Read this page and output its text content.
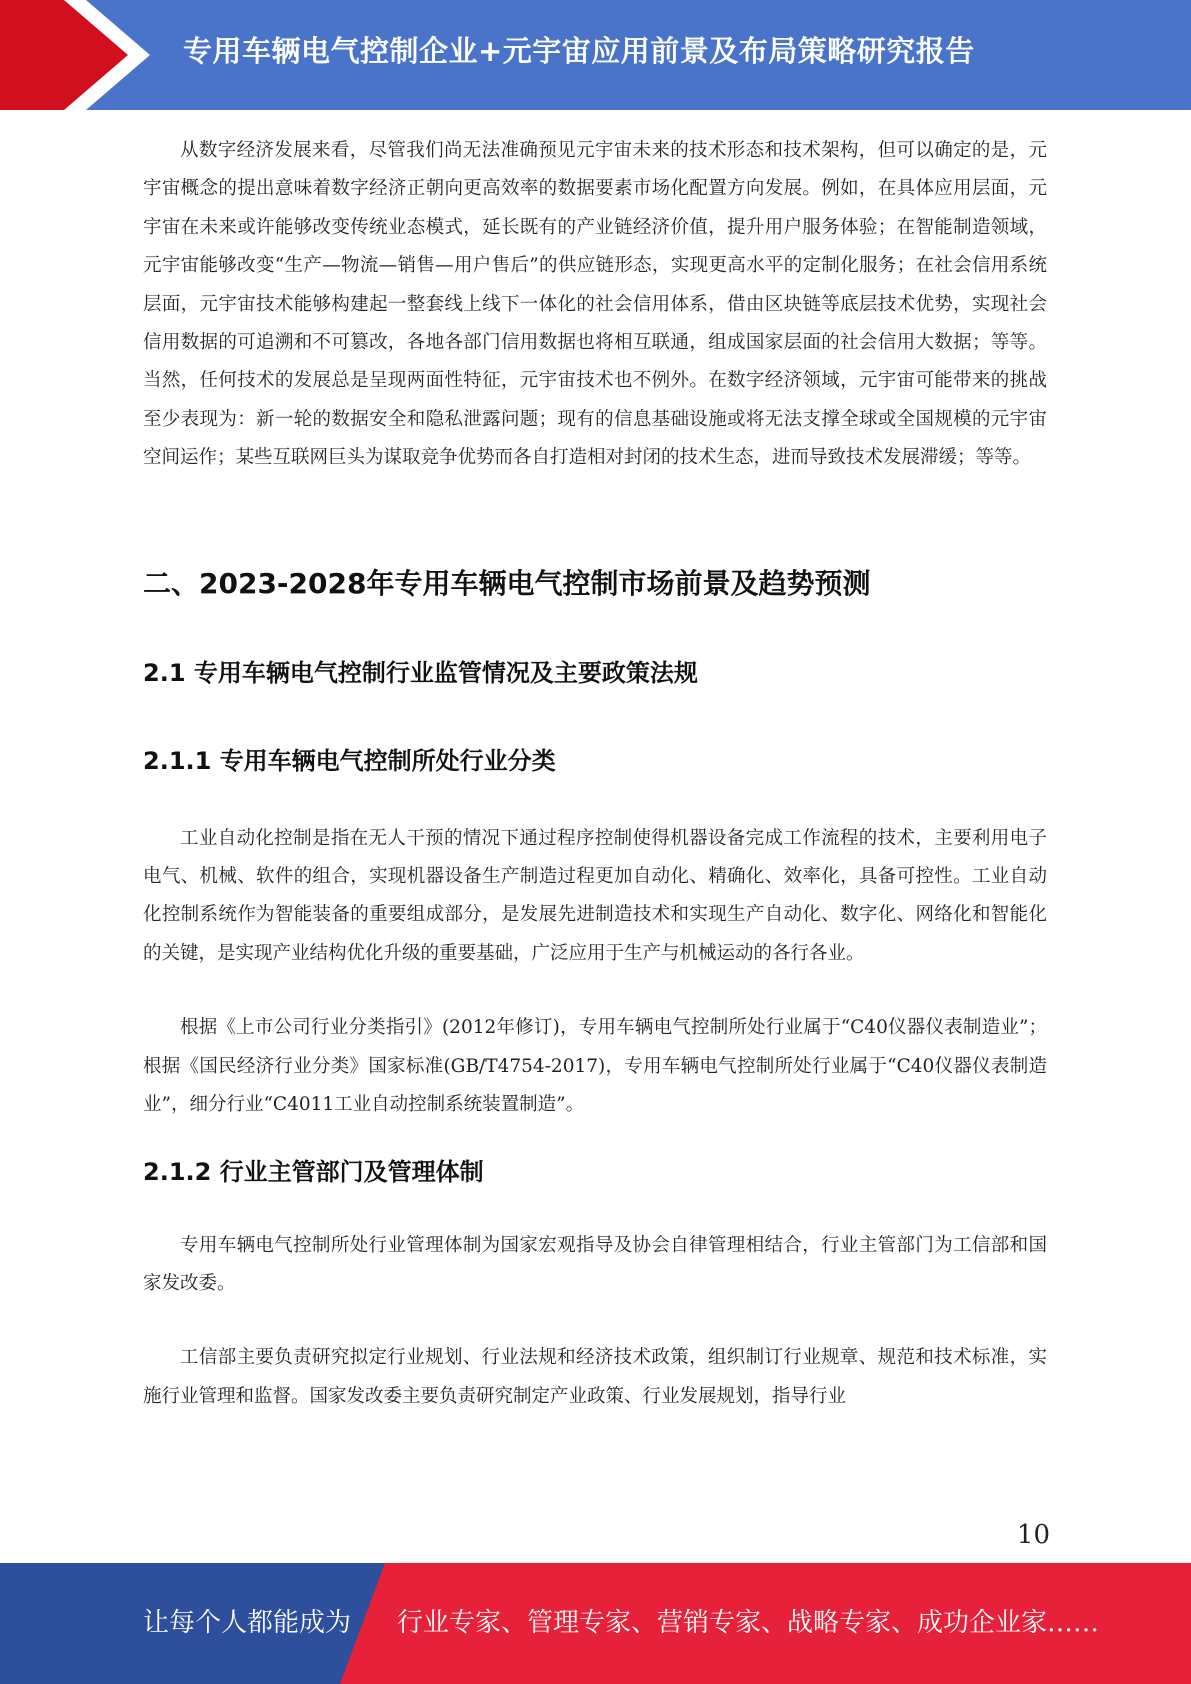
专用车辆电气控制企业+元宇宙应用前景及布局策略研究报告

从数字经济发展来看，尽管我们尚无法准确预见元宇宙未来的技术形态和技术架构，但可以确定的是，元宇宙概念的提出意味着数字经济正朝向更高效率的数据要素市场化配置方向发展。例如，在具体应用层面，元宇宙在未来或许能够改变传统业态模式，延长既有的产业链经济价值，提升用户服务体验；在智能制造领域，元宇宙能够改变“生产—物流—销售—用户售后”的供应链形态，实现更高水平的定制化服务；在社会信用系统层面，元宇宙技术能够构建起一整套线上线下一体化的社会信用体系，借由区块链等底层技术优势，实现社会信用数据的可追溯和不可篡改，各地各部门信用数据也将相互联通，组成国家层面的社会信用大数据；等等。当然，任何技术的发展总是呈现两面性特征，元宇宙技术也不例外。在数字经济领域，元宇宙可能带来的挑战至少表现为：新一轮的数据安全和隐私泄露问题；现有的信息基础设施或将无法支撑全球或全国规模的元宇宙空间运作；某些互联网巨头为谋取竞争优势而各自打造相对封闭的技术生态，进而导致技术发展滞缓；等等。

二、2023-2028年专用车辆电气控制市场前景及趋势预测
2.1 专用车辆电气控制行业监管情况及主要政策法规
2.1.1 专用车辆电气控制所处行业分类

工业自动化控制是指在无人干预的情况下通过程序控制使得机器设备完成工作流程的技术，主要利用电子电气、机械、软件的组合，实现机器设备生产制造过程更加自动化、精确化、效率化，具备可控性。工业自动化控制系统作为智能装备的重要组成部分，是发展先进制造技术和实现生产自动化、数字化、网络化和智能化的关键，是实现产业结构优化升级的重要基础，广泛应用于生产与机械运动的各行各业。

根据《上市公司行业分类指引》(2012年修订)，专用车辆电气控制所处行业属于“C40仪器仪表制造业”；根据《国民经济行业分类》国家标准(GB/T4754-2017)，专用车辆电气控制所处行业属于“C40仪器仪表制造业”，细分行业“C4011工业自动控制系统装置制造”。

2.1.2 行业主管部门及管理体制

专用车辆电气控制所处行业管理体制为国家宏观指导及协会自律管理相结合，行业主管部门为工信部和国家发改委。

工信部主要负责研究拟定行业规划、行业法规和经济技术政策，组织制订行业规章、规范和技术标准，实施行业管理和监督。国家发改委主要负责研究制定产业政策、行业发展规划，指导行业

10
让每个人都能成为 行业专家、管理专家、营销专家、战略专家、成功企业家……
